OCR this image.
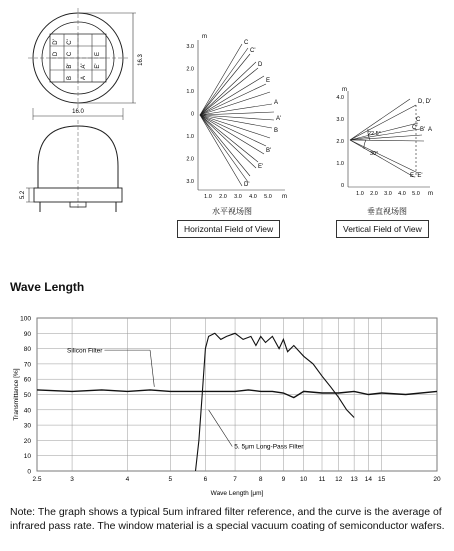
D'
D
C'
C
B'
B
A'
A
E
E'
16.3
16.0
5.2
3.0
2.0
1.0
0
1.0
2.0
3.0
1.0 2.0 3.0 4.0 5.0
m
m
C
C'
D
E
A
A'
B
B'
E'
D'
水平视场图
Horizontal Field of View
4.0
3.0
2.0
1.0
0
1.0 2.0 3.0 4.0 5.0
m
m
D, D'
C
C' B' A
E, E'
22.5°
30°
垂直视场图
Vertical Field of View
Wave Length
0
10
20
30
40
50
60
70
80
90
100
2.5	3	4	5	6	7	8	9 10 11 12 13 14 15	20
Silicon Filter
5. 5μm Long-Pass Filter
Wave Length [μm]
Transmittance [%]
Note: The graph shows a typical 5um infrared filter reference, and the curve is the average of infrared pass rate. The window material is a special vacuum coating of semiconductor wafers.
